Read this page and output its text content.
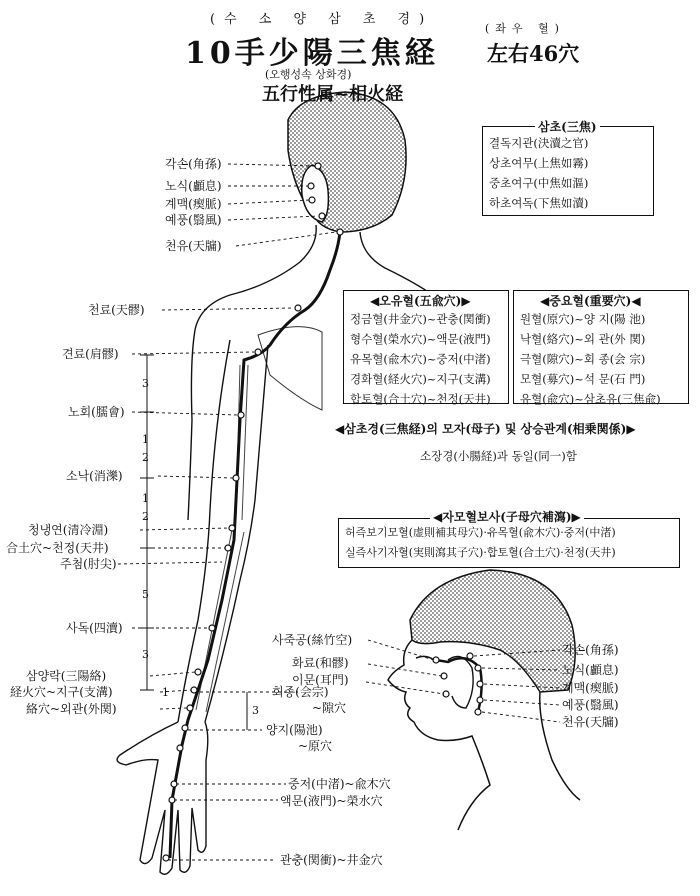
(수 소 양 삼 초 경)
10手少陽三焦経
(좌우 혈)
左右46穴
(오행성속 상화경)
五行性属~相火経
결독지관(決瀆之官)
상초여무(上焦如霧)
중초여구(中焦如漚)
하초여독(下焦如瀆)
삼초(三焦)
정금혈(井金穴)~관충(関衝)
형수혈(榮水穴)~액문(液門)
유목혈(兪木穴)~중저(中渚)
경화혈(経火穴)~지구(支溝)
합토혈(合土穴)~천정(天井)
◀오유혈(五兪穴)▶
원혈(原穴)~양 지(陽 池)
낙혈(絡穴)~외 관(外 関)
극혈(隙穴)~회 종(会 宗)
모혈(募穴)~석 문(石 門)
유혈(兪穴)~삼초유(三焦兪)
◀중요혈(重要穴)◀
◀삼초경(三焦経)의 모자(母子) 및 상승관계(相乗関係)▶
소장경(小腸経)과 동일(同一)함
허즉보기모혈(虚則補其母穴)·유목혈(兪木穴)·중저(中渚)
실즉사기자혈(実則瀉其子穴)·합토혈(合土穴)·천정(天井)
◀자모혈보사(子母穴補瀉)▶
각손(角孫)
노식(顱息)
계맥(瘈脈)
예풍(翳風)
천유(天牖)
천료(天髎)
견료(肩髎)
노회(臑會)
소낙(消濼)
청냉연(清冷淵)
合土穴~천정(天井)
주첨(肘尖)
사독(四瀆)
삼양락(三陽絡)
経火穴~지구(支溝)
絡穴~외관(外関)
3
1
2
1
2
5
3
1
3
회종(会宗)
~隙穴
양지(陽池)
~原穴
중저(中渚)~兪木穴
액문(液門)~榮水穴
관충(関衝)~井金穴
사죽공(絲竹空)
화료(和髎)
이문(耳門)
각손(角孫)
노식(顱息)
계맥(瘈脈)
예풍(翳風)
천유(天牖)
